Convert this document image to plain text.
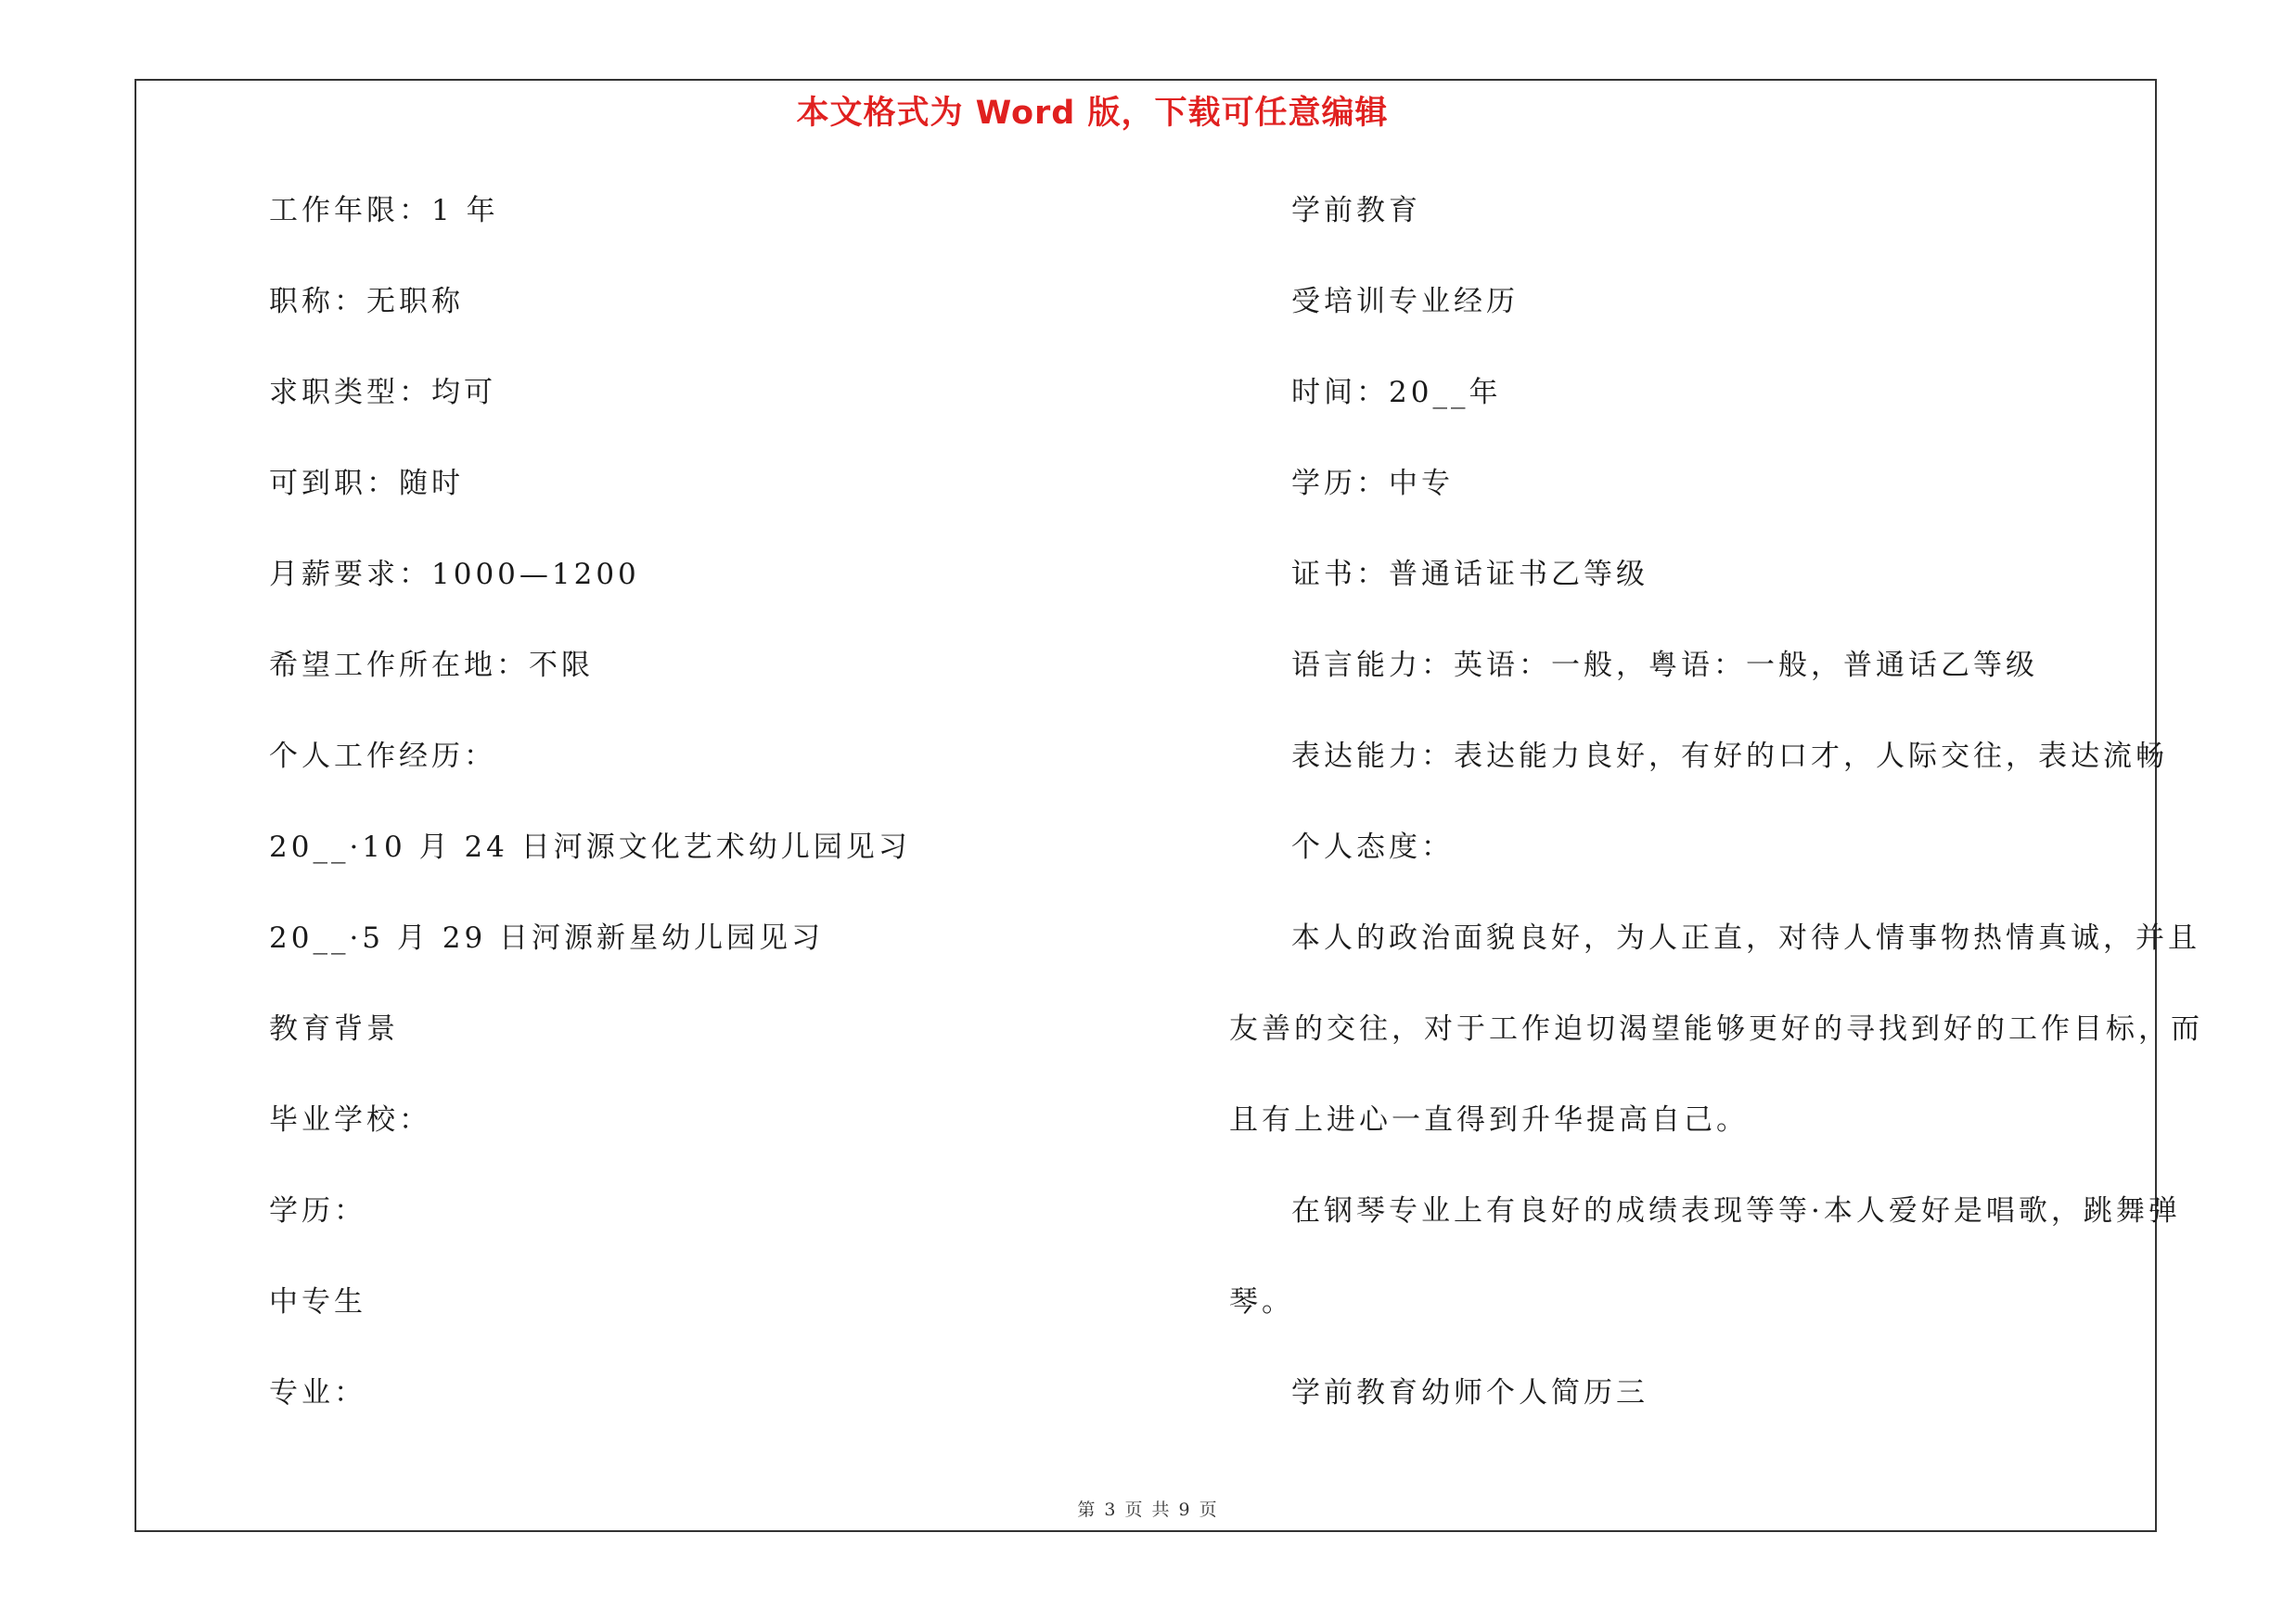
本文格式为 Word 版，下载可任意编辑
工作年限：1 年
职称：无职称
求职类型：均可
可到职：随时
月薪要求：1000—1200
希望工作所在地：不限
个人工作经历：
20__·10 月 24 日河源文化艺术幼儿园见习
20__·5 月 29 日河源新星幼儿园见习
教育背景
毕业学校：
学历：
中专生
专业：
学前教育
受培训专业经历
时间：20__年
学历：中专
证书：普通话证书乙等级
语言能力：英语：一般，粤语：一般，普通话乙等级
表达能力：表达能力良好，有好的口才，人际交往，表达流畅
个人态度：
本人的政治面貌良好，为人正直，对待人情事物热情真诚，并且
友善的交往，对于工作迫切渴望能够更好的寻找到好的工作目标，而
且有上进心一直得到升华提高自己。
在钢琴专业上有良好的成绩表现等等·本人爱好是唱歌，跳舞弹
琴。
学前教育幼师个人简历三
第 3 页 共 9 页
